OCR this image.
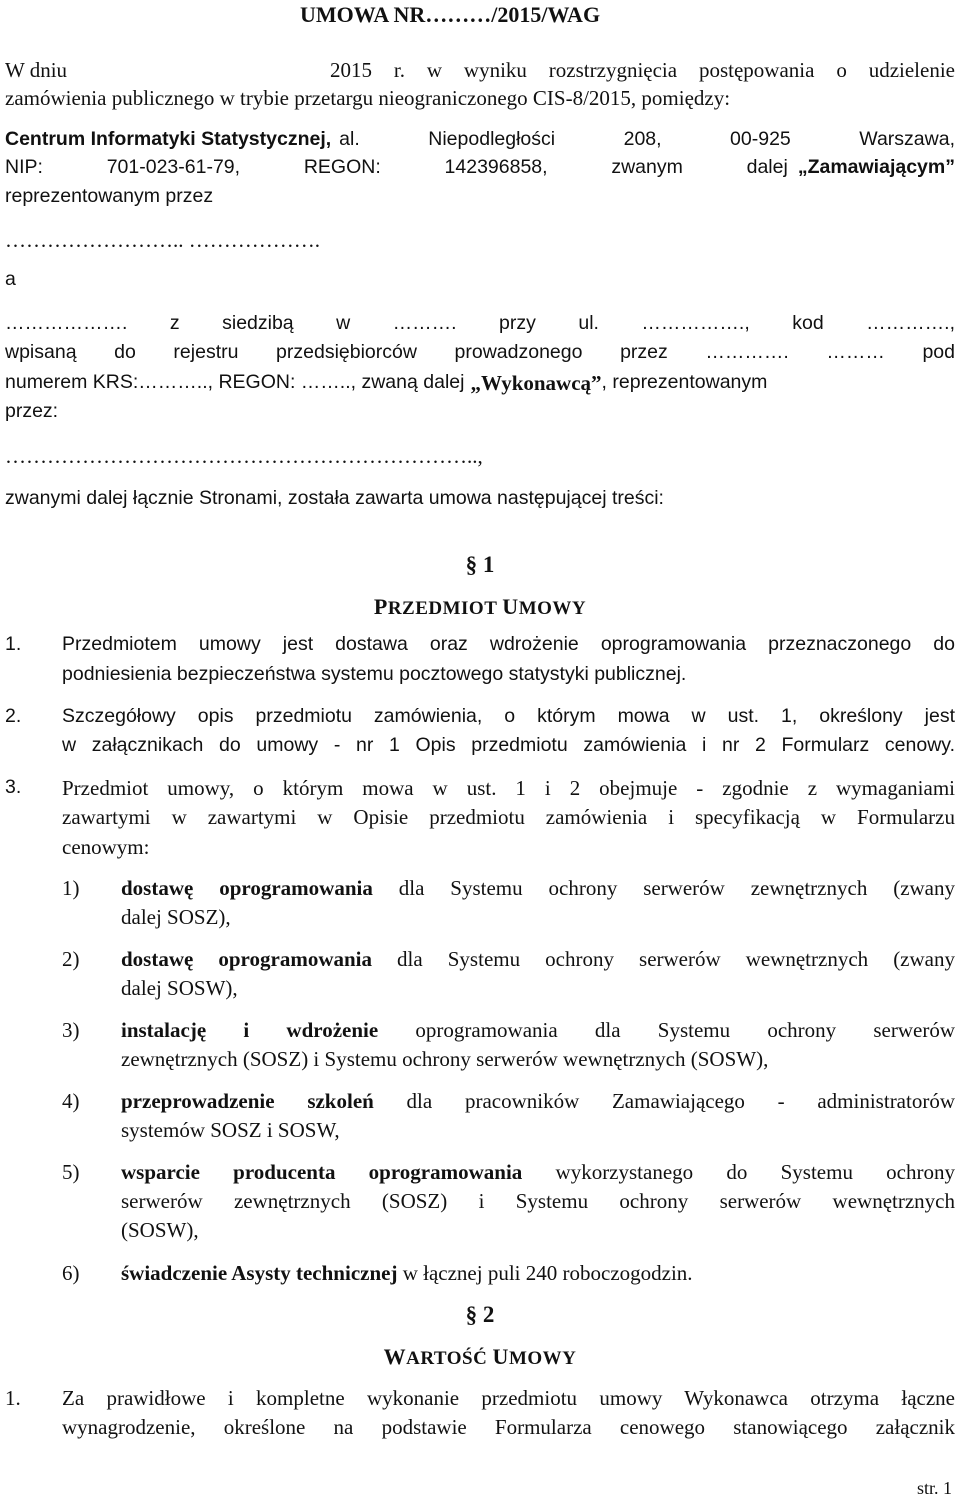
UMOWA NR………/2015/WAG
W dniu	2015 r. w wyniku rozstrzygnięcia postępowania o udzielenie
zamówienia publicznego w trybie przetargu nieograniczonego CIS-8/2015, pomiędzy:
Centrum Informatyki Statystycznej, al. Niepodległości 208, 00-925 Warszawa,
NIP: 701-023-61-79, REGON: 142396858, zwanym dalej „Zamawiającym”
reprezentowanym przez
…………………….. ……………….
a
………………. z siedzibą w ………. przy ul. ……………., kod ………….,
wpisaną do rejestru przedsiębiorców prowadzonego przez …………. ……… pod
numerem KRS:……….., REGON: …….., zwaną dalej „Wykonawcą” , reprezentowanym
przez:
…………………………………………………………..,
zwanymi dalej łącznie Stronami, została zawarta umowa następującej treści:
§ 1
PRZEDMIOT UMOWY
1. Przedmiotem umowy jest dostawa oraz wdrożenie oprogramowania przeznaczonego do
podniesienia bezpieczeństwa systemu pocztowego statystyki publicznej.
2. Szczegółowy opis przedmiotu zamówienia, o którym mowa w ust. 1, określony jest
w załącznikach do umowy - nr 1 Opis przedmiotu zamówienia i nr 2 Formularz cenowy.
3. Przedmiot umowy, o którym mowa w ust. 1 i 2 obejmuje - zgodnie z wymaganiami
zawartymi w zawartymi w Opisie przedmiotu zamówienia i specyfikacją w Formularzu
cenowym:
1) dostawę oprogramowania dla Systemu ochrony serwerów zewnętrznych (zwany
dalej SOSZ),
2) dostawę oprogramowania dla Systemu ochrony serwerów wewnętrznych (zwany
dalej SOSW),
3) instalację i wdrożenie oprogramowania dla Systemu ochrony serwerów
zewnętrznych (SOSZ) i Systemu ochrony serwerów wewnętrznych (SOSW),
4) przeprowadzenie szkoleń dla pracowników Zamawiającego - administratorów
systemów SOSZ i SOSW,
5) wsparcie producenta oprogramowania wykorzystanego do Systemu ochrony
serwerów zewnętrznych (SOSZ) i Systemu ochrony serwerów wewnętrznych
(SOSW),
6) świadczenie Asysty technicznej w łącznej puli 240 roboczogodzin.
§ 2
WARTOŚĆ UMOWY
1. Za prawidłowe i kompletne wykonanie przedmiotu umowy Wykonawca otrzyma łączne
wynagrodzenie, określone na podstawie Formularza cenowego stanowiącego załącznik
str. 1
